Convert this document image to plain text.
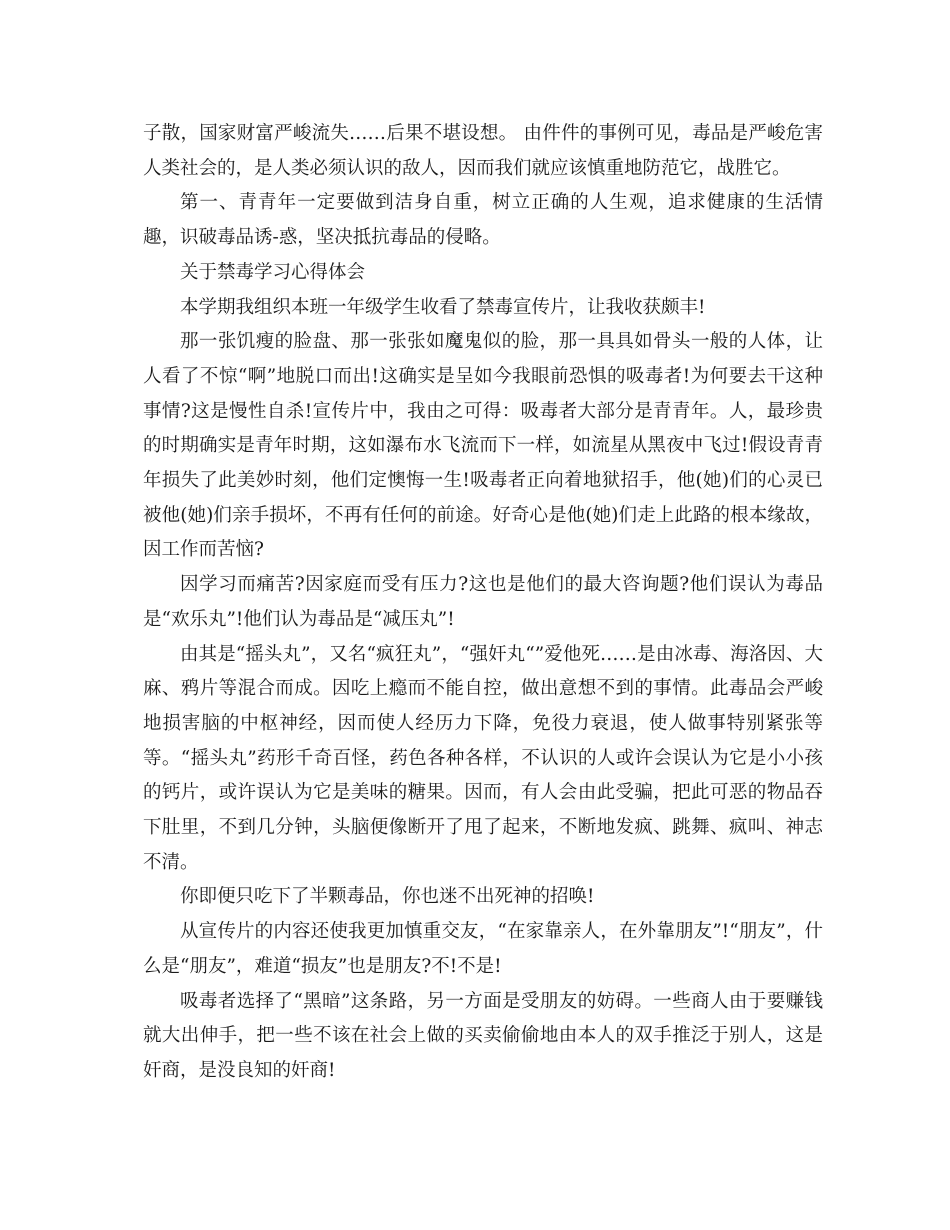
子散，国家财富严峻流失……后果不堪设想。 由件件的事例可见，毒品是严峻危害人类社会的，是人类必须认识的敌人，因而我们就应该慎重地防范它，战胜它。

第一、青青年一定要做到洁身自重，树立正确的人生观，追求健康的生活情趣，识破毒品诱-惑，坚决抵抗毒品的侵略。

关于禁毒学习心得体会

本学期我组织本班一年级学生收看了禁毒宣传片，让我收获颇丰!

那一张饥瘦的脸盘、那一张张如魔鬼似的脸，那一具具如骨头一般的人体，让人看了不惊“啊”地脱口而出!这确实是呈如今我眼前恐惧的吸毒者!为何要去干这种事情?这是慢性自杀!宣传片中，我由之可得：吸毒者大部分是青青年。人，最珍贵的时期确实是青年时期，这如瀑布水飞流而下一样，如流星从黑夜中飞过!假设青青年损失了此美妙时刻，他们定懊悔一生!吸毒者正向着地狱招手，他(她)们的心灵已被他(她)们亲手损坏，不再有任何的前途。好奇心是他(她)们走上此路的根本缘故，因工作而苦恼?

因学习而痛苦?因家庭而受有压力?这也是他们的最大咨询题?他们误认为毒品是“欢乐丸”!他们认为毒品是“减压丸”!

由其是“摇头丸”，又名“疯狂丸”，“强奸丸“”爱他死……是由冰毒、海洛因、大麻、鸦片等混合而成。因吃上瘾而不能自控，做出意想不到的事情。此毒品会严峻地损害脑的中枢神经，因而使人经历力下降，免役力衰退，使人做事特别紧张等等。“摇头丸”药形千奇百怪，药色各种各样，不认识的人或许会误认为它是小小孩的钙片，或许误认为它是美味的糖果。因而，有人会由此受骗，把此可恶的物品吞下肚里，不到几分钟，头脑便像断开了甩了起来，不断地发疯、跳舞、疯叫、神志不清。

你即便只吃下了半颗毒品，你也迷不出死神的招唤!

从宣传片的内容还使我更加慎重交友，“在家靠亲人，在外靠朋友”!“朋友”，什么是“朋友”，难道“损友”也是朋友?不!不是!

吸毒者选择了“黑暗”这条路，另一方面是受朋友的妨碍。一些商人由于要赚钱就大出伸手，把一些不该在社会上做的买卖偷偷地由本人的双手推泛于别人，这是奸商，是没良知的奸商!
